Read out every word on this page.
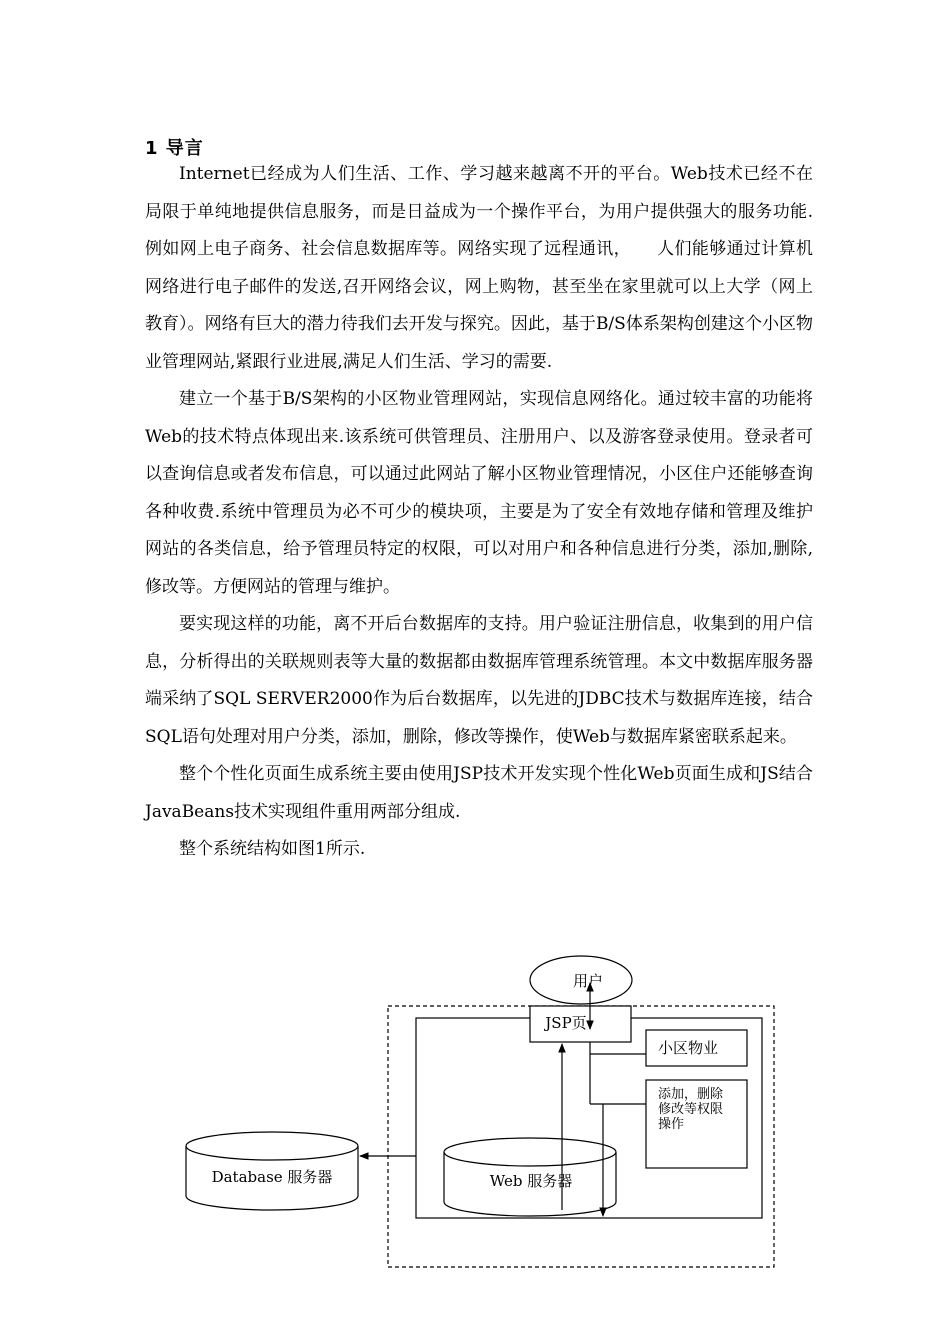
1 导言

Internet已经成为人们生活、工作、学习越来越离不开的平台。Web技术已经不在局限于单纯地提供信息服务，而是日益成为一个操作平台，为用户提供强大的服务功能.例如网上电子商务、社会信息数据库等。网络实现了远程通讯，　　人们能够通过计算机网络进行电子邮件的发送,召开网络会议，网上购物，甚至坐在家里就可以上大学（网上教育）。网络有巨大的潜力待我们去开发与探究。因此，基于B/S体系架构创建这个小区物业管理网站,紧跟行业进展,满足人们生活、学习的需要.

建立一个基于B/S架构的小区物业管理网站，实现信息网络化。通过较丰富的功能将 Web的技术特点体现出来.该系统可供管理员、注册用户、以及游客登录使用。登录者可以查询信息或者发布信息，可以通过此网站了解小区物业管理情况，小区住户还能够查询各种收费.系统中管理员为必不可少的模块项，主要是为了安全有效地存储和管理及维护网站的各类信息，给予管理员特定的权限，可以对用户和各种信息进行分类，添加,删除,修改等。方便网站的管理与维护。

要实现这样的功能，离不开后台数据库的支持。用户验证注册信息，收集到的用户信息，分析得出的关联规则表等大量的数据都由数据库管理系统管理。本文中数据库服务器端采纳了SQL SERVER2000作为后台数据库，以先进的JDBC技术与数据库连接，结合SQL语句处理对用户分类，添加，删除，修改等操作，使Web与数据库紧密联系起来。

整个个性化页面生成系统主要由使用JSP技术开发实现个性化Web页面生成和JS结合JavaBeans技术实现组件重用两部分组成.

整个系统结构如图1所示.

用户
JSP页
小区物业
添加，删除
修改等权限
操作
Web 服务器
Database 服务器
